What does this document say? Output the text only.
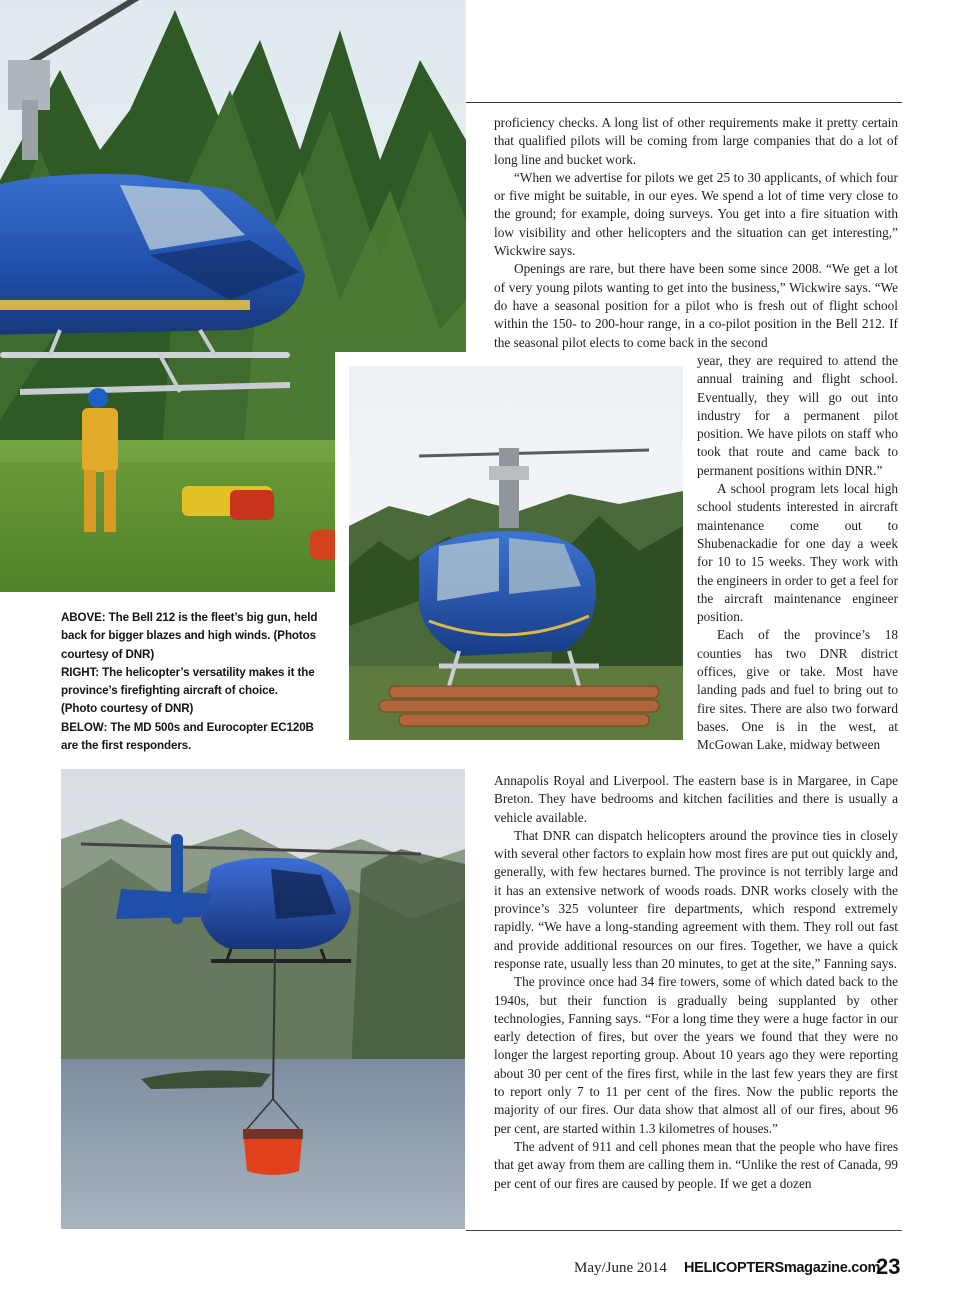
ABOVE: The Bell 212 is the fleet’s big gun, held
back for bigger blazes and high winds. (Photos
courtesy of DNR)
RIGHT: The helicopter’s versatility makes it the
province’s firefighting aircraft of choice.
(Photo courtesy of DNR)
BELOW: The MD 500s and Eurocopter EC120B
are the first responders.

proficiency checks. A long list of other requirements make it pretty certain that qualified pilots will be coming from large companies that do a lot of long line and bucket work.

“When we advertise for pilots we get 25 to 30 applicants, of which four or five might be suitable, in our eyes. We spend a lot of time very close to the ground; for example, doing surveys. You get into a fire situation with low visibility and other helicopters and the situation can get interesting,” Wickwire says.

Openings are rare, but there have been some since 2008. “We get a lot of very young pilots wanting to get into the business,” Wickwire says. “We do have a seasonal position for a pilot who is fresh out of flight school within the 150- to 200-hour range, in a co-pilot position in the Bell 212. If the seasonal pilot elects to come back in the second

year, they are required to attend the annual training and flight school. Eventually, they will go out into industry for a permanent pilot position. We have pilots on staff who took that route and came back to permanent positions within DNR.”

A school program lets local high school students interested in aircraft maintenance come out to Shubenackadie for one day a week for 10 to 15 weeks. They work with the engineers in order to get a feel for the aircraft maintenance engineer position.

Each of the province’s 18 counties has two DNR district offices, give or take. Most have landing pads and fuel to bring out to fire sites. There are also two forward bases. One is in the west, at McGowan Lake, midway between

Annapolis Royal and Liverpool. The eastern base is in Margaree, in Cape Breton. They have bedrooms and kitchen facilities and there is usually a vehicle available.

That DNR can dispatch helicopters around the province ties in closely with several other factors to explain how most fires are put out quickly and, generally, with few hectares burned. The province is not terribly large and it has an extensive network of woods roads. DNR works closely with the province’s 325 volunteer fire departments, which respond extremely rapidly. “We have a long-standing agreement with them. They roll out fast and provide additional resources on our fires. Together, we have a quick response rate, usually less than 20 minutes, to get at the site,” Fanning says.

The province once had 34 fire towers, some of which dated back to the 1940s, but their function is gradually being supplanted by other technologies, Fanning says. “For a long time they were a huge factor in our early detection of fires, but over the years we found that they were no longer the largest reporting group. About 10 years ago they were reporting about 30 per cent of the fires first, while in the last few years they are first to report only 7 to 11 per cent of the fires. Now the public reports the majority of our fires. Our data show that almost all of our fires, about 96 per cent, are started within 1.3 kilometres of houses.”

The advent of 911 and cell phones mean that the people who have fires that get away from them are calling them in. “Unlike the rest of Canada, 99 per cent of our fires are caused by people. If we get a dozen

May/June 2014 HELICOPTERSmagazine.com
23
